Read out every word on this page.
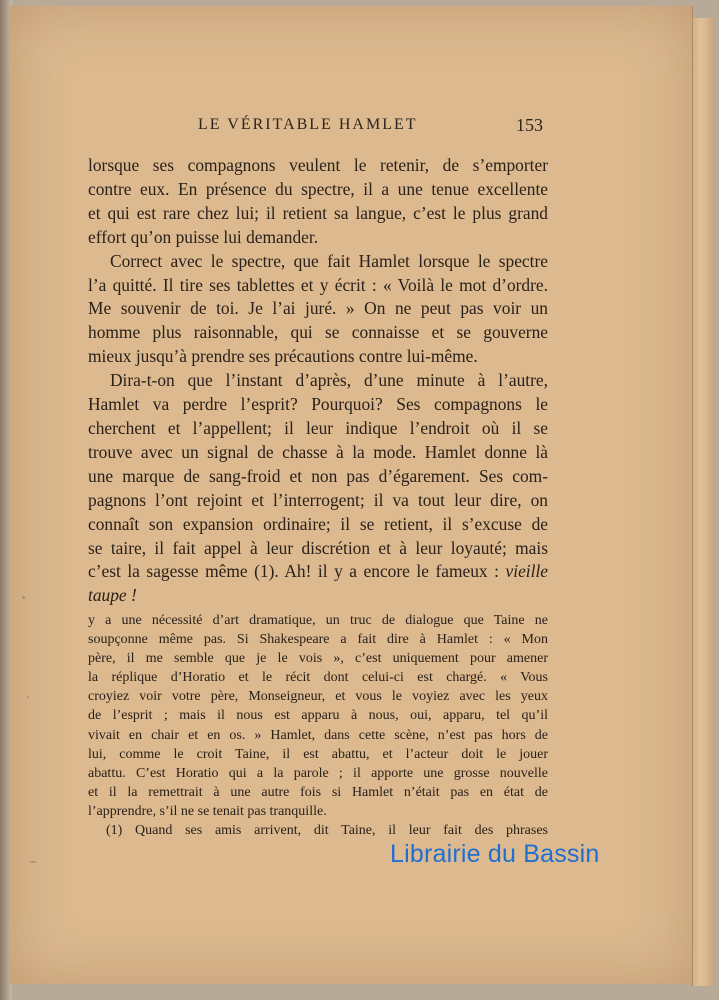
LE VÉRITABLE HAMLET	153
lorsque ses compagnons veulent le retenir, de s’emporter
contre eux. En présence du spectre, il a une tenue excellente
et qui est rare chez lui; il retient sa langue, c’est le plus grand
effort qu’on puisse lui demander.
Correct avec le spectre, que fait Hamlet lorsque le spectre
l’a quitté. Il tire ses tablettes et y écrit : « Voilà le mot d’ordre.
Me souvenir de toi. Je l’ai juré. » On ne peut pas voir un
homme plus raisonnable, qui se connaisse et se gouverne
mieux jusqu’à prendre ses précautions contre lui-même.
Dira-t-on que l’instant d’après, d’une minute à l’autre,
Hamlet va perdre l’esprit? Pourquoi? Ses compagnons le
cherchent et l’appellent; il leur indique l’endroit où il se
trouve avec un signal de chasse à la mode. Hamlet donne là
une marque de sang-froid et non pas d’égarement. Ses com-
pagnons l’ont rejoint et l’interrogent; il va tout leur dire, on
connaît son expansion ordinaire; il se retient, il s’excuse de
se taire, il fait appel à leur discrétion et à leur loyauté; mais
c’est la sagesse même (1). Ah! il y a encore le fameux : vieille
taupe !
y a une nécessité d’art dramatique, un truc de dialogue que Taine ne
soupçonne même pas. Si Shakespeare a fait dire à Hamlet : « Mon
père, il me semble que je le vois », c’est uniquement pour amener
la réplique d’Horatio et le récit dont celui-ci est chargé. « Vous
croyiez voir votre père, Monseigneur, et vous le voyiez avec les yeux
de l’esprit ; mais il nous est apparu à nous, oui, apparu, tel qu’il
vivait en chair et en os. » Hamlet, dans cette scène, n’est pas hors de
lui, comme le croit Taine, il est abattu, et l’acteur doit le jouer
abattu. C’est Horatio qui a la parole ; il apporte une grosse nouvelle
et il la remettrait à une autre fois si Hamlet n’était pas en état de
l’apprendre, s’il ne se tenait pas tranquille.
(1) Quand ses amis arrivent, dit Taine, il leur fait des phrases
Librairie du Bassin
